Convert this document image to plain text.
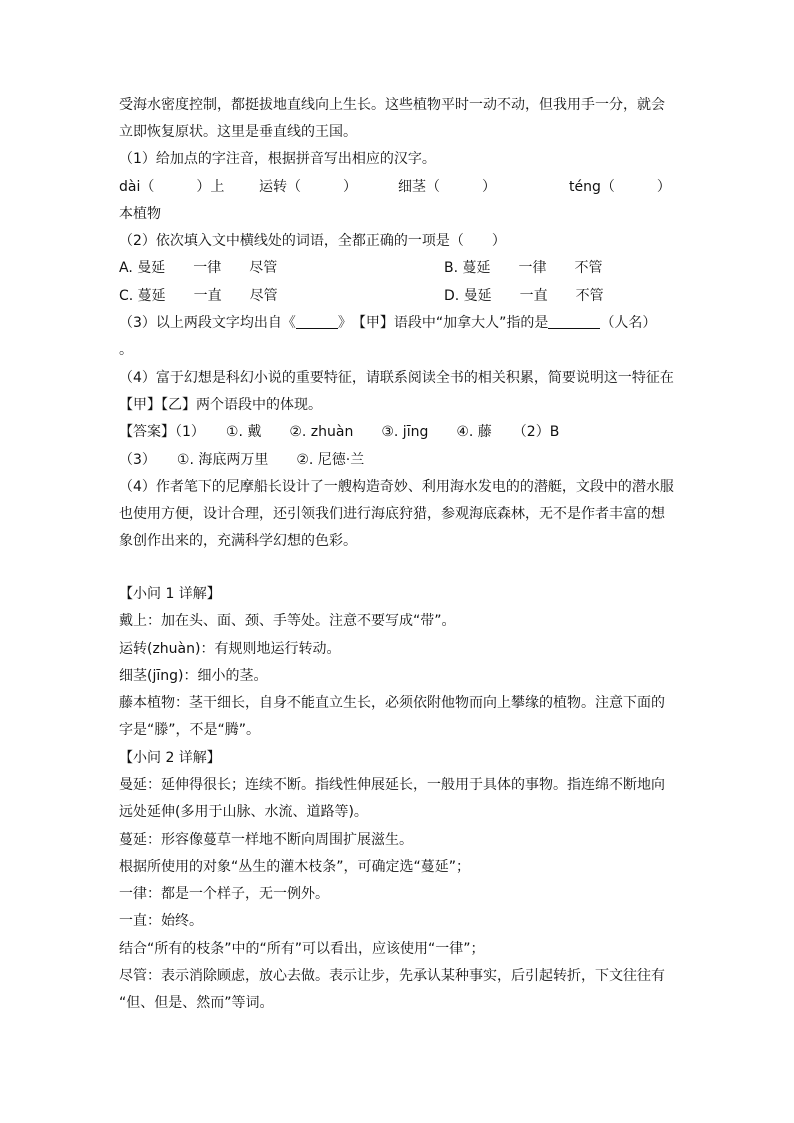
受海水密度控制，都挺拔地直线向上生长。这些植物平时一动不动，但我用手一分，就会
立即恢复原状。这里是垂直线的王国。
（1）给加点的字注音，根据拼音写出相应的汉字。
dài（　　　）上 运转（　　　）	细茎（　　　）	téng（　　　）
本植物
（2）依次填入文中横线处的词语，全都正确的一项是（　　）
A. 曼延　　一律　　尽管	B. 蔓延　　一律　　不管
C. 蔓延　　一直　　尽管	D. 曼延　　一直　　不管
（3）以上两段文字均出自《	》　【甲】语段中“加拿大人”指的是	（人名）
。
（4）富于幻想是科幻小说的重要特征，请联系阅读全书的相关积累，简要说明这一特征在
【甲】【乙】两个语段中的体现。
【答案】（1）　　①. 戴　　②. zhuàn　　③. jīng　　④. 藤　　（2）B
（3）　　①. 海底两万里　　②. 尼德·兰
（4）作者笔下的尼摩船长设计了一艘构造奇妙、利用海水发电的的潜艇，文段中的潜水服
也使用方便，设计合理，还引领我们进行海底狩猎，参观海底森林，无不是作者丰富的想
象创作出来的，充满科学幻想的色彩。
【小问 1 详解】
戴上：加在头、面、颈、手等处。注意不要写成“带”。
运转(zhuàn)：有规则地运行转动。
细茎(jīng)：细小的茎。
藤本植物：茎干细长，自身不能直立生长，必须依附他物而向上攀缘的植物。注意下面的
字是“滕”，不是“腾”。
【小问 2 详解】
曼延：延伸得很长；连续不断。指线性伸展延长，一般用于具体的事物。指连绵不断地向
远处延伸(多用于山脉、水流、道路等)。
蔓延：形容像蔓草一样地不断向周围扩展滋生。
根据所使用的对象“丛生的灌木枝条”，可确定选“蔓延”；
一律：都是一个样子，无一例外。
一直：始终。
结合“所有的枝条”中的“所有”可以看出，应该使用“一律”；
尽管：表示消除顾虑，放心去做。表示让步，先承认某种事实，后引起转折，下文往往有
“但、但是、然而”等词。
